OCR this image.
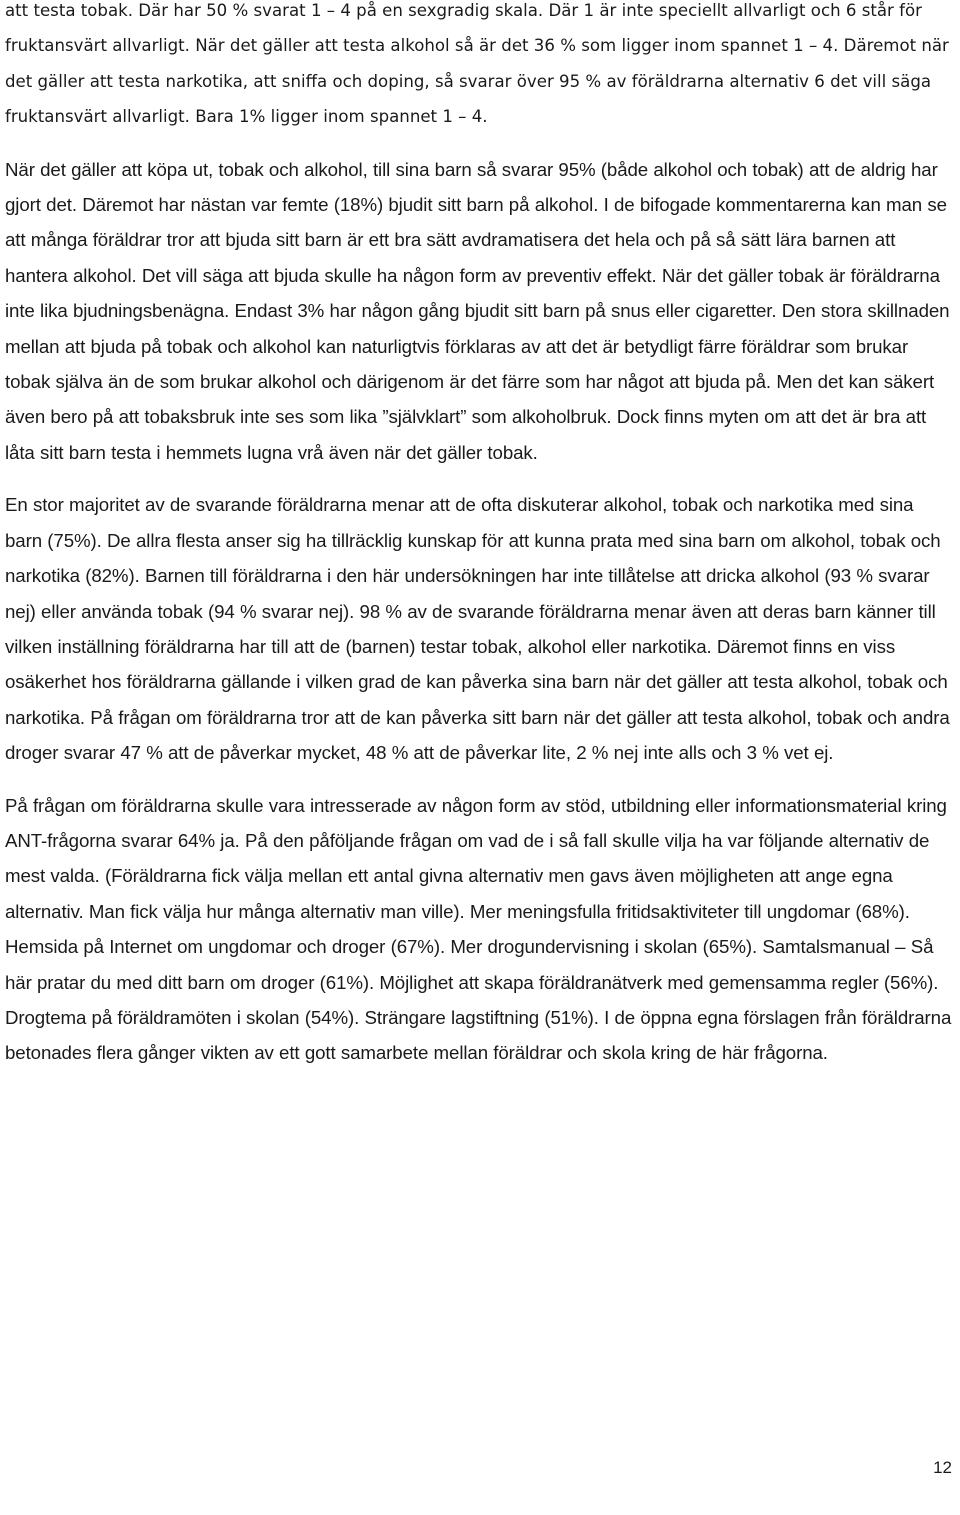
att testa tobak. Där har 50 % svarat 1 – 4 på en sexgradig skala. Där 1 är inte speciellt allvarligt och 6 står för fruktansvärt allvarligt. När det gäller att testa alkohol så är det 36 % som ligger inom spannet 1 – 4. Däremot när det gäller att testa narkotika, att sniffa och doping, så svarar över 95 % av föräldrarna alternativ 6 det vill säga fruktansvärt allvarligt. Bara 1% ligger inom spannet 1 – 4.

När det gäller att köpa ut, tobak och alkohol, till sina barn så svarar 95% (både alkohol och tobak) att de aldrig har gjort det. Däremot har nästan var femte (18%) bjudit sitt barn på alkohol. I de bifogade kommentarerna kan man se att många föräldrar tror att bjuda sitt barn är ett bra sätt avdramatisera det hela och på så sätt lära barnen att hantera alkohol. Det vill säga att bjuda skulle ha någon form av preventiv effekt. När det gäller tobak är föräldrarna inte lika bjudningsbenägna. Endast 3% har någon gång bjudit sitt barn på snus eller cigaretter. Den stora skillnaden mellan att bjuda på tobak och alkohol kan naturligtvis förklaras av att det är betydligt färre föräldrar som brukar tobak själva än de som brukar alkohol och därigenom är det färre som har något att bjuda på. Men det kan säkert även bero på att tobaksbruk inte ses som lika ”självklart” som alkoholbruk. Dock finns myten om att det är bra att låta sitt barn testa i hemmets lugna vrå även när det gäller tobak.

En stor majoritet av de svarande föräldrarna menar att de ofta diskuterar alkohol, tobak och narkotika med sina barn (75%). De allra flesta anser sig ha tillräcklig kunskap för att kunna prata med sina barn om alkohol, tobak och narkotika (82%). Barnen till föräldrarna i den här undersökningen har inte tillåtelse att dricka alkohol (93 % svarar nej) eller använda tobak (94 % svarar nej). 98 % av de svarande föräldrarna menar även att deras barn känner till vilken inställning föräldrarna har till att de (barnen) testar tobak, alkohol eller narkotika. Däremot finns en viss osäkerhet hos föräldrarna gällande i vilken grad de kan påverka sina barn när det gäller att testa alkohol, tobak och narkotika. På frågan om föräldrarna tror att de kan påverka sitt barn när det gäller att testa alkohol, tobak och andra droger svarar 47 % att de påverkar mycket, 48 % att de påverkar lite, 2 % nej inte alls och 3 % vet ej.

På frågan om föräldrarna skulle vara intresserade av någon form av stöd, utbildning eller informationsmaterial kring ANT-frågorna svarar 64% ja. På den påföljande frågan om vad de i så fall skulle vilja ha var följande alternativ de mest valda. (Föräldrarna fick välja mellan ett antal givna alternativ men gavs även möjligheten att ange egna alternativ. Man fick välja hur många alternativ man ville). Mer meningsfulla fritidsaktiviteter till ungdomar (68%). Hemsida på Internet om ungdomar och droger (67%). Mer drogundervisning i skolan (65%). Samtalsmanual – Så här pratar du med ditt barn om droger (61%). Möjlighet att skapa föräldranätverk med gemensamma regler (56%). Drogtema på föräldramöten i skolan (54%). Strängare lagstiftning (51%). I de öppna egna förslagen från föräldrarna betonades flera gånger vikten av ett gott samarbete mellan föräldrar och skola kring de här frågorna.

12
